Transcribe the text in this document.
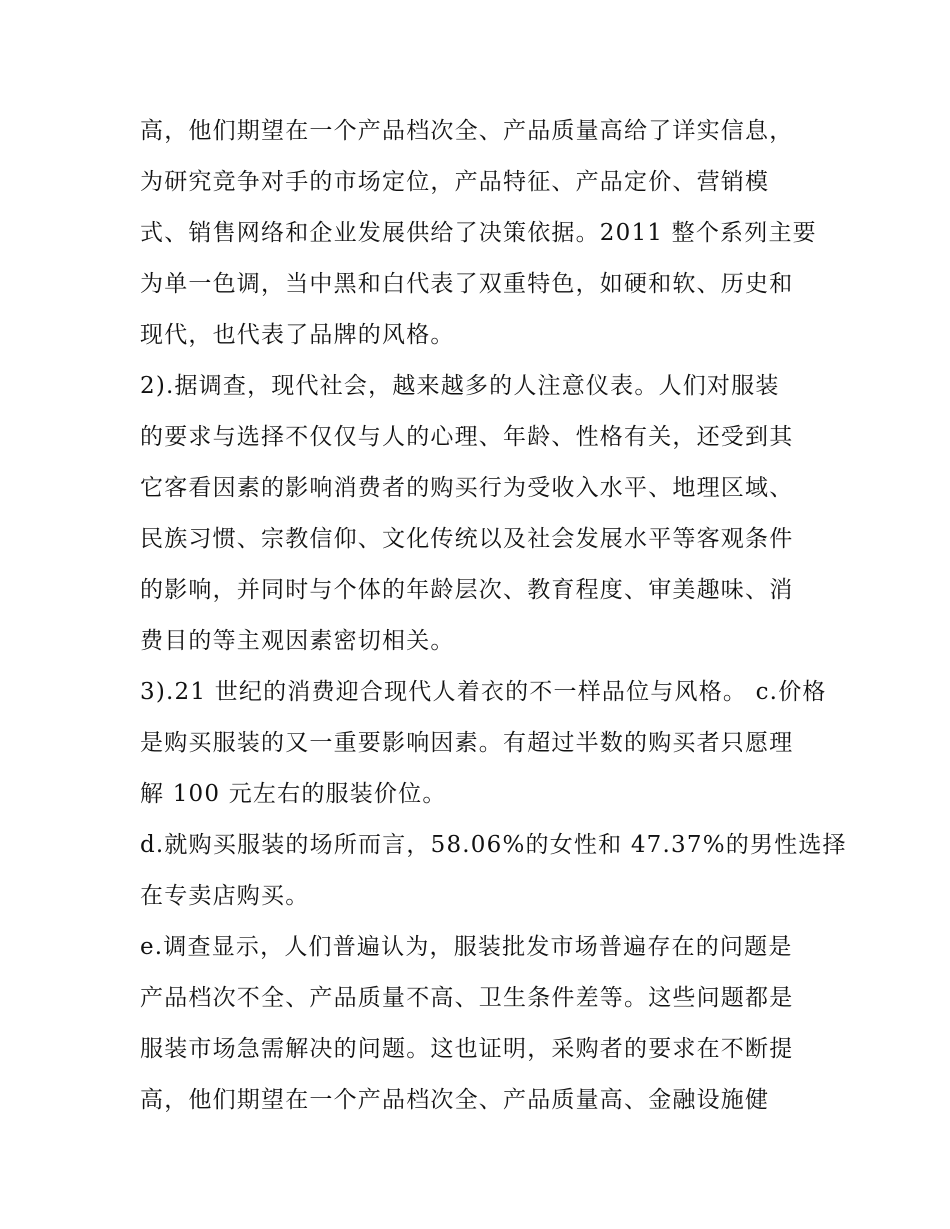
高，他们期望在一个产品档次全、产品质量高给了详实信息，
为研究竞争对手的市场定位，产品特征、产品定价、营销模
式、销售网络和企业发展供给了决策依据。2011 整个系列主要
为单一色调，当中黑和白代表了双重特色，如硬和软、历史和
现代，也代表了品牌的风格。
2).据调查，现代社会，越来越多的人注意仪表。人们对服装
的要求与选择不仅仅与人的心理、年龄、性格有关，还受到其
它客看因素的影响消费者的购买行为受收入水平、地理区域、
民族习惯、宗教信仰、文化传统以及社会发展水平等客观条件
的影响，并同时与个体的年龄层次、教育程度、审美趣味、消
费目的等主观因素密切相关。
3).21 世纪的消费迎合现代人着衣的不一样品位与风格。 c.价格
是购买服装的又一重要影响因素。有超过半数的购买者只愿理
解 100 元左右的服装价位。
d.就购买服装的场所而言，58.06%的女性和 47.37%的男性选择
在专卖店购买。
e.调查显示，人们普遍认为，服装批发市场普遍存在的问题是
产品档次不全、产品质量不高、卫生条件差等。这些问题都是
服装市场急需解决的问题。这也证明，采购者的要求在不断提
高，他们期望在一个产品档次全、产品质量高、金融设施健
